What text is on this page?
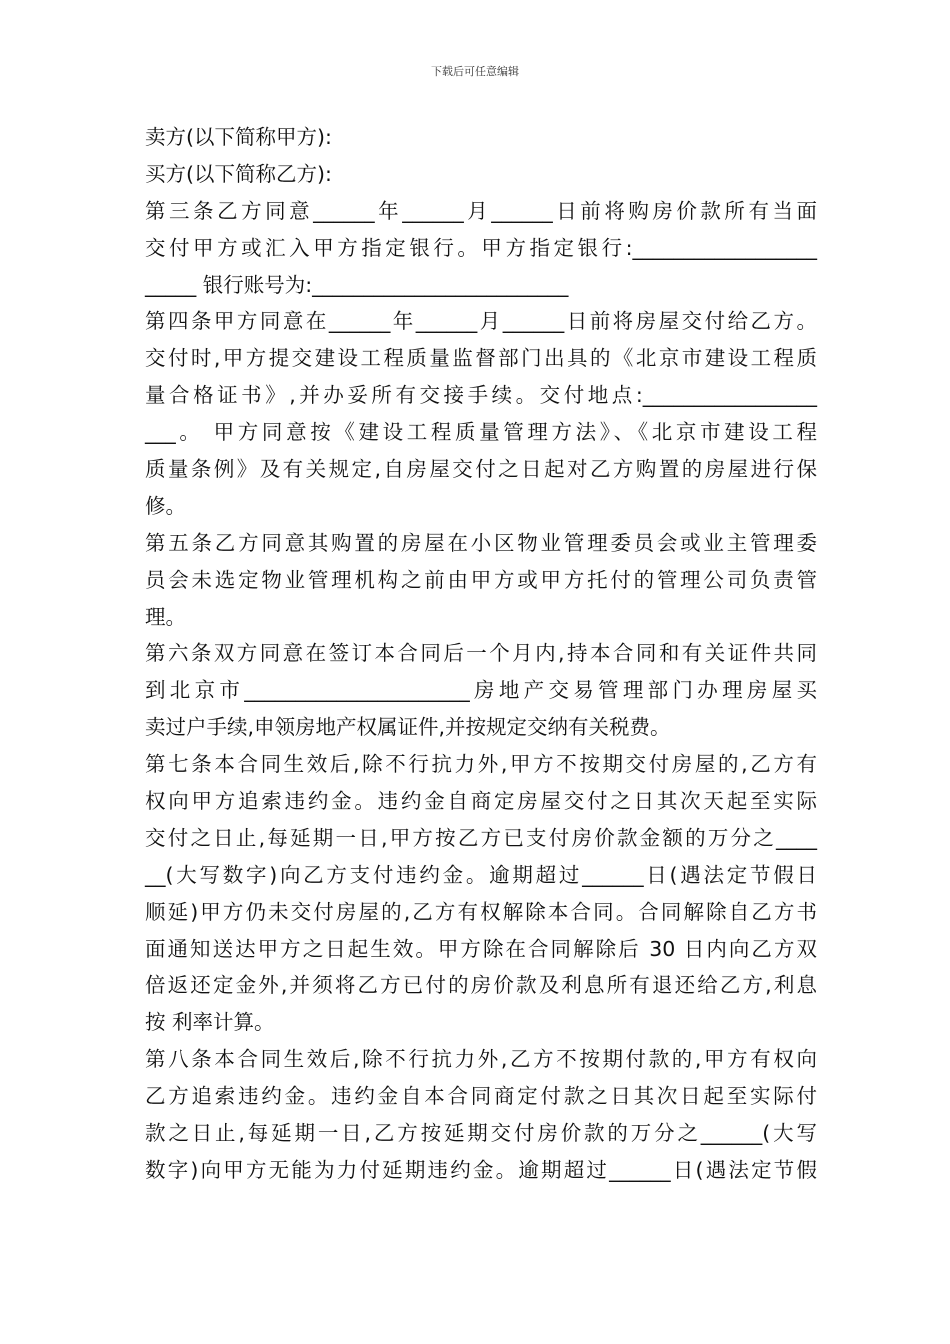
下载后可任意编辑
卖方(以下简称甲方):
买方(以下简称乙方):
第三条乙方同意______年______月______日前将购房价款所有当面
交付甲方或汇入甲方指定银行。甲方指定银行:__________________
_____ 银行账号为:_________________________
第四条甲方同意在______年______月______日前将房屋交付给乙方。
交付时,甲方提交建设工程质量监督部门出具的《北京市建设工程质
量合格证书》,并办妥所有交接手续。交付地点:_________________
___。 甲方同意按《建设工程质量管理方法》、《北京市建设工程
质量条例》及有关规定,自房屋交付之日起对乙方购置的房屋进行保
修。
第五条乙方同意其购置的房屋在小区物业管理委员会或业主管理委
员会未选定物业管理机构之前由甲方或甲方托付的管理公司负责管
理。
第六条双方同意在签订本合同后一个月内,持本合同和有关证件共同
到北京市______________________房地产交易管理部门办理房屋买
卖过户手续,申领房地产权属证件,并按规定交纳有关税费。
第七条本合同生效后,除不行抗力外,甲方不按期交付房屋的,乙方有
权向甲方追索违约金。违约金自商定房屋交付之日其次天起至实际
交付之日止,每延期一日,甲方按乙方已支付房价款金额的万分之____
__(大写数字)向乙方支付违约金。逾期超过______日(遇法定节假日
顺延)甲方仍未交付房屋的,乙方有权解除本合同。合同解除自乙方书
面通知送达甲方之日起生效。甲方除在合同解除后 30 日内向乙方双
倍返还定金外,并须将乙方已付的房价款及利息所有退还给乙方,利息
按 利率计算。
第八条本合同生效后,除不行抗力外,乙方不按期付款的,甲方有权向
乙方追索违约金。违约金自本合同商定付款之日其次日起至实际付
款之日止,每延期一日,乙方按延期交付房价款的万分之______(大写
数字)向甲方无能为力付延期违约金。逾期超过______日(遇法定节假
